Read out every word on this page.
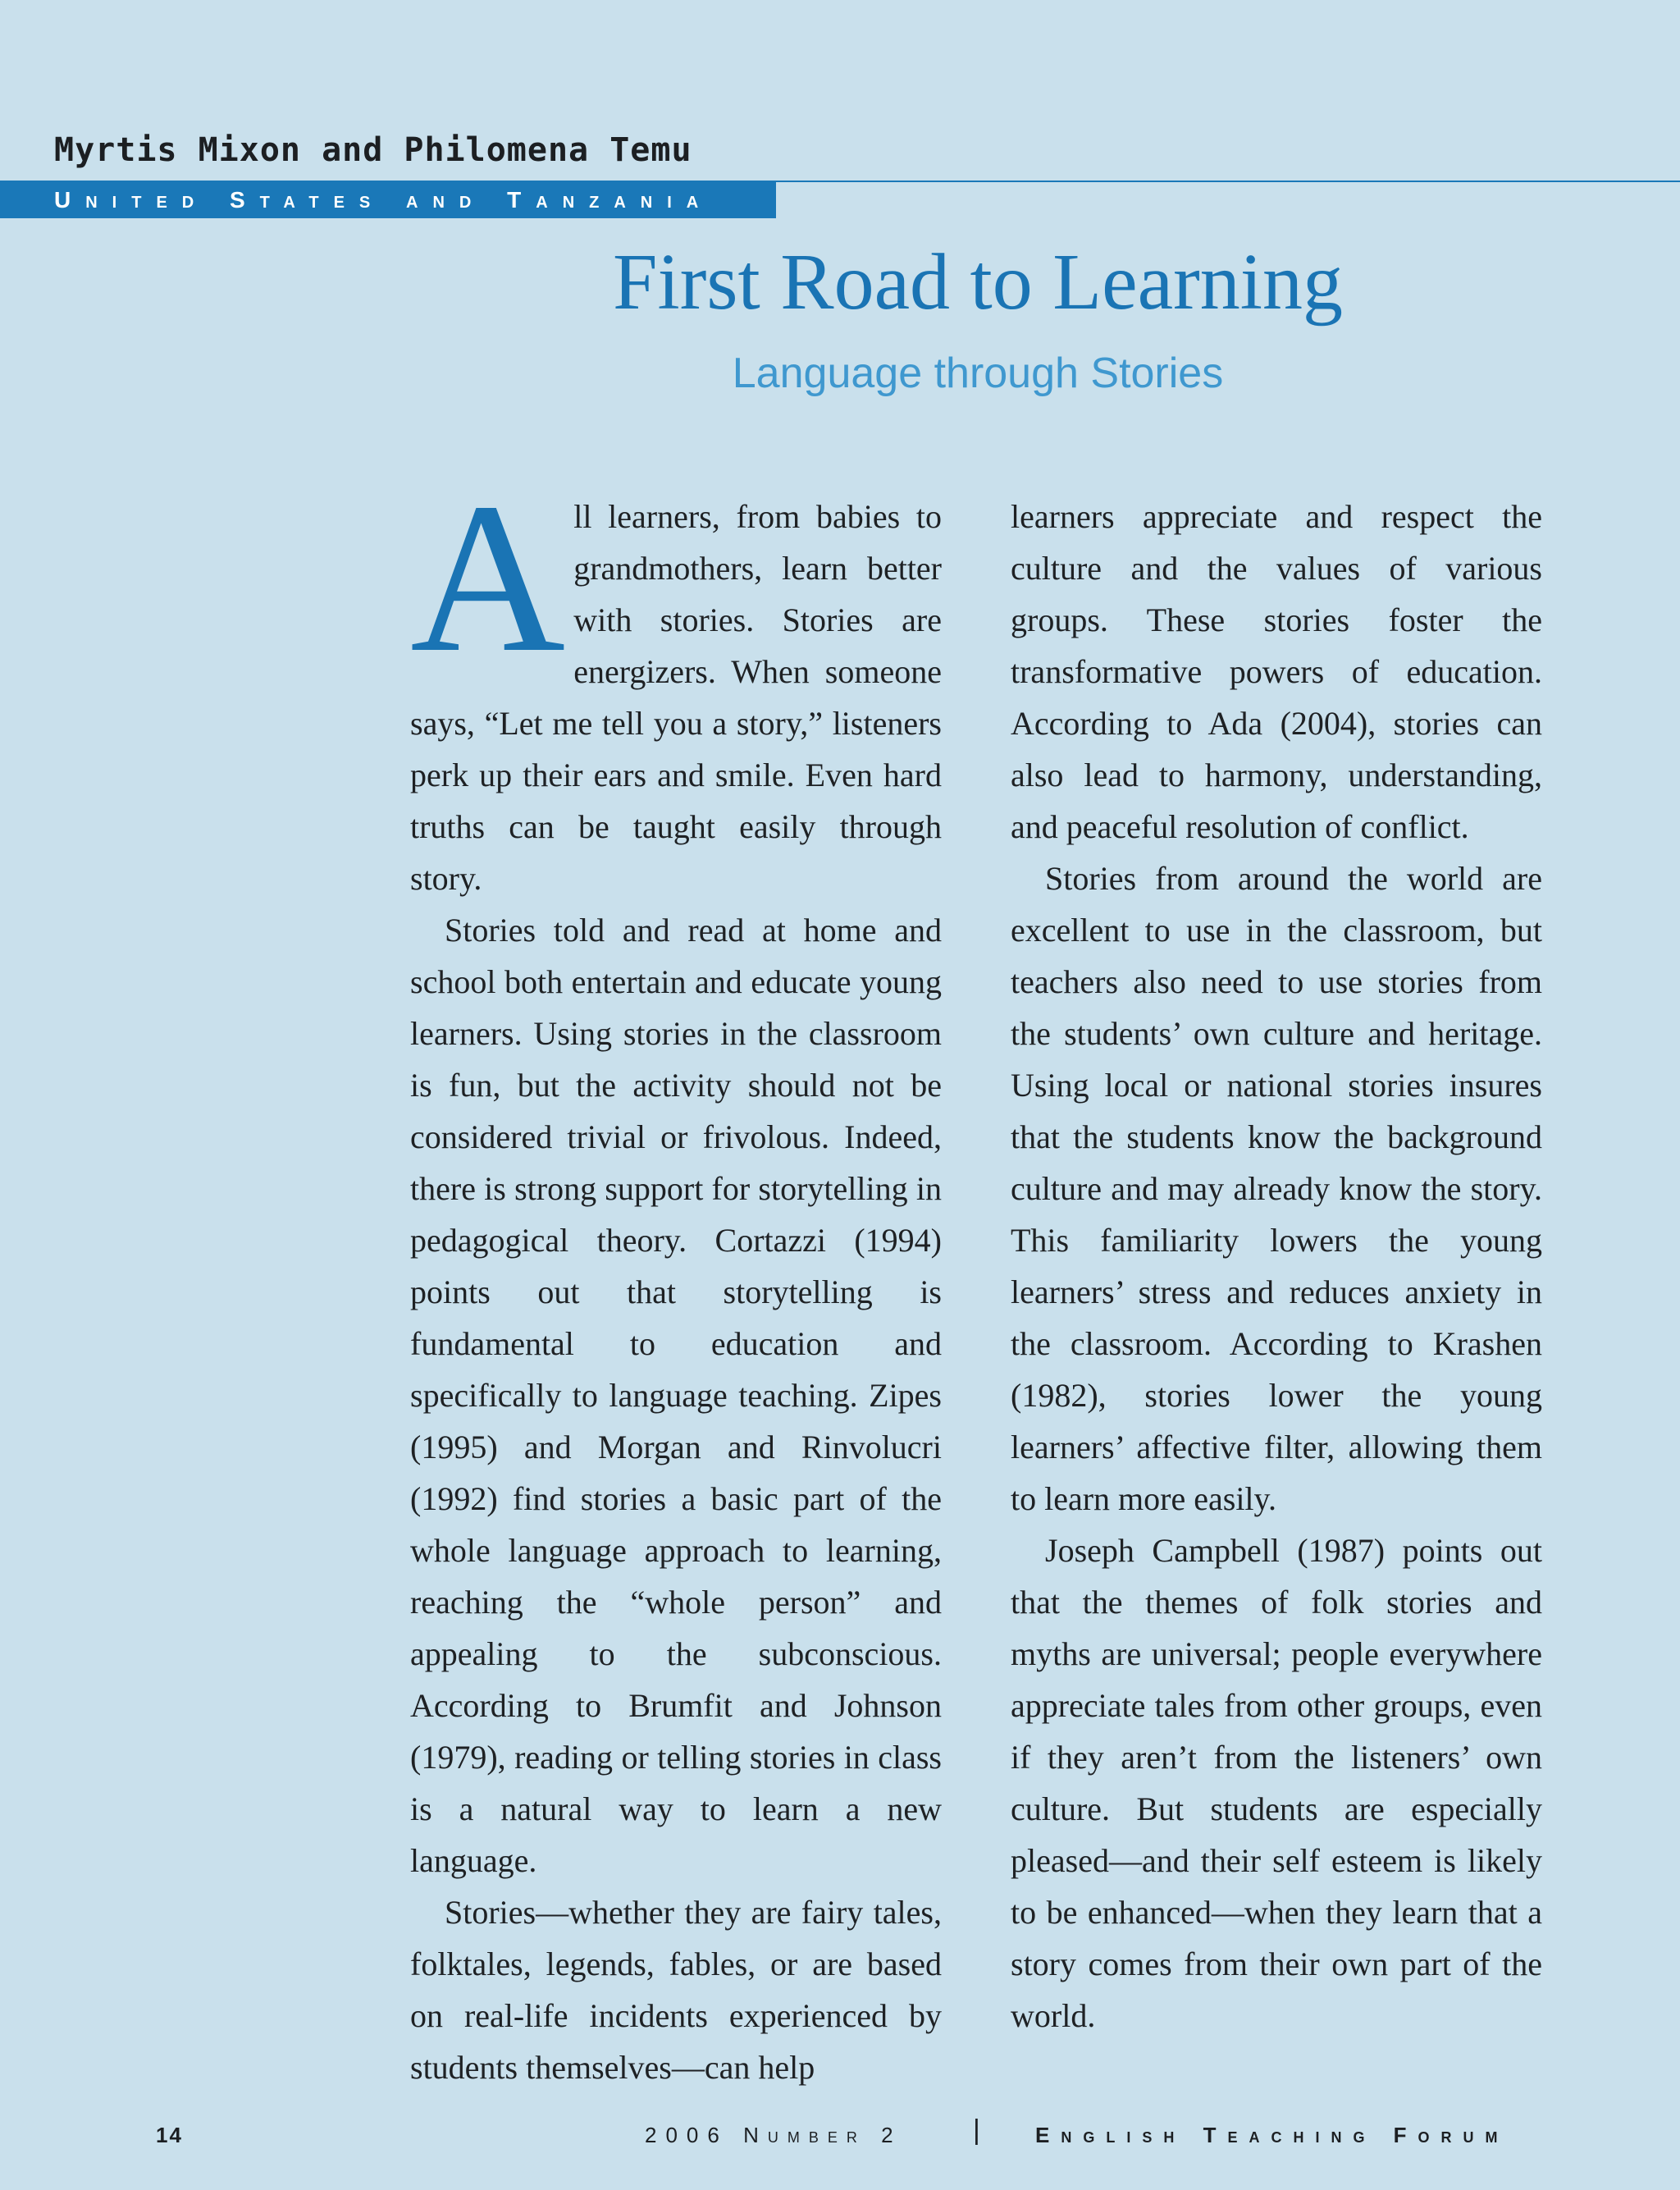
Myrtis Mixon and Philomena Temu
United States and Tanzania
First Road to Learning
Language through Stories

All learners, from babies to grandmothers, learn better with stories. Stories are energizers. When someone says, “Let me tell you a story,” listeners perk up their ears and smile. Even hard truths can be taught easily through story.

Stories told and read at home and school both entertain and educate young learners. Using stories in the classroom is fun, but the activity should not be considered trivial or frivolous. Indeed, there is strong support for storytelling in pedagogical theory. Cortazzi (1994) points out that storytelling is fundamental to education and specifically to language teaching. Zipes (1995) and Morgan and Rinvolucri (1992) find stories a basic part of the whole language approach to learning, reaching the “whole person” and appealing to the subconscious. According to Brumfit and Johnson (1979), reading or telling stories in class is a natural way to learn a new language.

Stories—whether they are fairy tales, folktales, legends, fables, or are based on real-life incidents experienced by students themselves—can help

learners appreciate and respect the culture and the values of various groups. These stories foster the transformative powers of education. According to Ada (2004), stories can also lead to harmony, understanding, and peaceful resolution of conflict.

Stories from around the world are excellent to use in the classroom, but teachers also need to use stories from the students’ own culture and heritage. Using local or national stories insures that the students know the background culture and may already know the story. This familiarity lowers the young learners’ stress and reduces anxiety in the classroom. According to Krashen (1982), stories lower the young learners’ affective filter, allowing them to learn more easily.

Joseph Campbell (1987) points out that the themes of folk stories and myths are universal; people everywhere appreciate tales from other groups, even if they aren’t from the listeners’ own culture. But students are especially pleased—and their self esteem is likely to be enhanced—when they learn that a story comes from their own part of the world.

14	2006 Number 2	|	English Teaching Forum
